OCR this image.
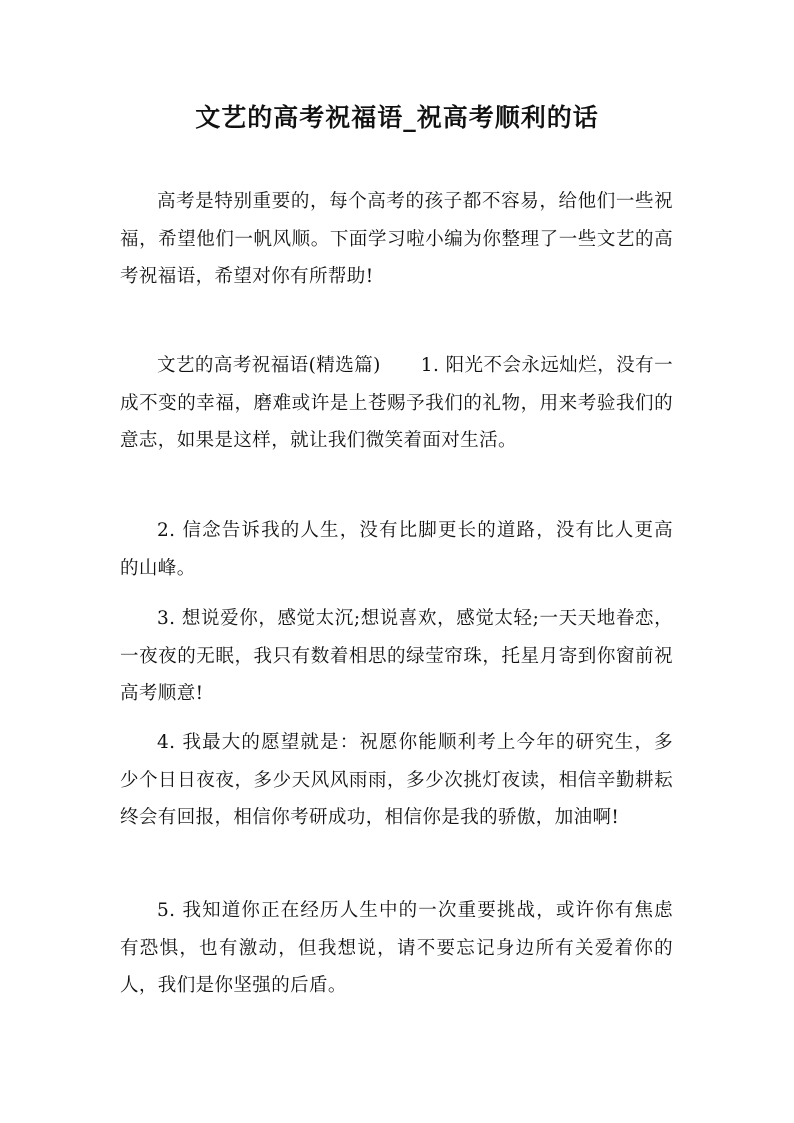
文艺的高考祝福语_祝高考顺利的话

高考是特别重要的，每个高考的孩子都不容易，给他们一些祝福，希望他们一帆风顺。下面学习啦小编为你整理了一些文艺的高考祝福语，希望对你有所帮助!

文艺的高考祝福语(精选篇) 1. 阳光不会永远灿烂，没有一成不变的幸福，磨难或许是上苍赐予我们的礼物，用来考验我们的意志，如果是这样，就让我们微笑着面对生活。

2. 信念告诉我的人生，没有比脚更长的道路，没有比人更高的山峰。

3. 想说爱你，感觉太沉;想说喜欢，感觉太轻;一天天地眷恋，一夜夜的无眠，我只有数着相思的绿莹帘珠，托星月寄到你窗前祝高考顺意!

4. 我最大的愿望就是：祝愿你能顺利考上今年的研究生，多少个日日夜夜，多少天风风雨雨，多少次挑灯夜读，相信辛勤耕耘终会有回报，相信你考研成功，相信你是我的骄傲，加油啊!

5. 我知道你正在经历人生中的一次重要挑战，或许你有焦虑有恐惧，也有激动，但我想说，请不要忘记身边所有关爱着你的人，我们是你坚强的后盾。
